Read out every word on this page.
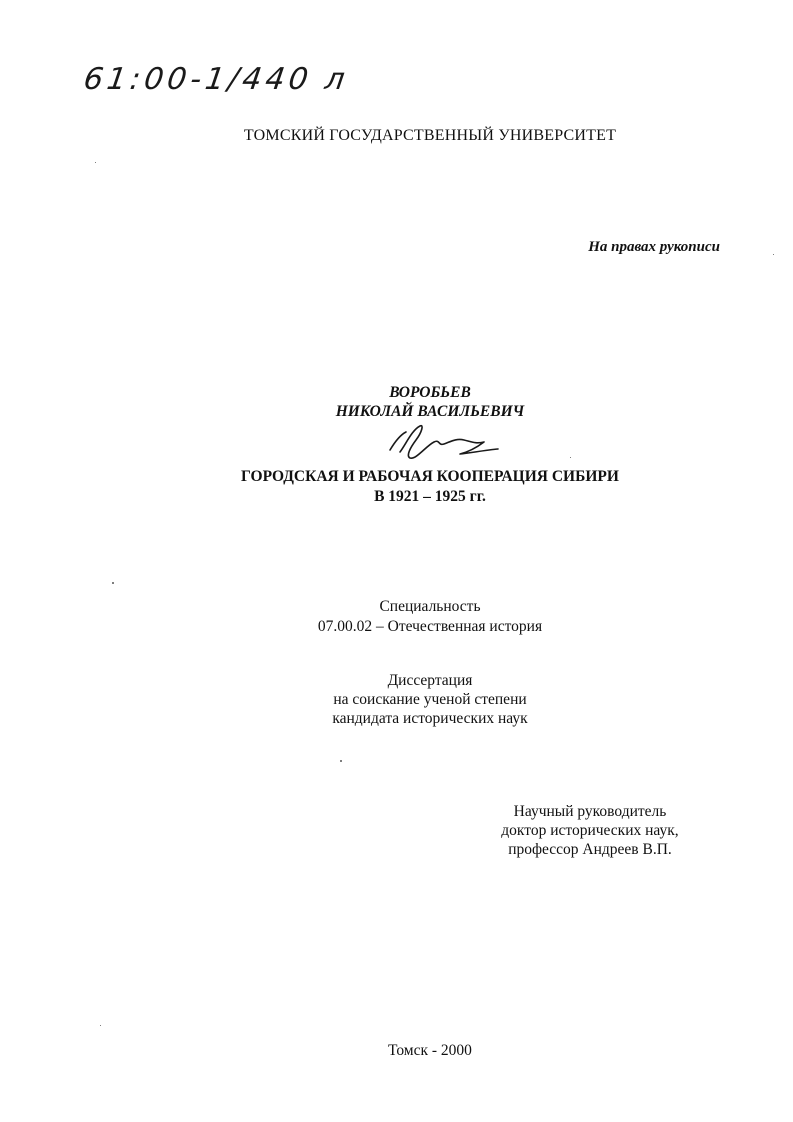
61:00-1/440 л
ТОМСКИЙ ГОСУДАРСТВЕННЫЙ УНИВЕРСИТЕТ
На правах рукописи
ВОРОБЬЕВ
НИКОЛАЙ ВАСИЛЬЕВИЧ
ГОРОДСКАЯ И РАБОЧАЯ КООПЕРАЦИЯ СИБИРИ
В 1921 – 1925 гг.
Специальность
07.00.02 – Отечественная история
Диссертация
на соискание ученой степени
кандидата исторических наук
Научный руководитель
доктор исторических наук,
профессор Андреев В.П.
Томск - 2000
